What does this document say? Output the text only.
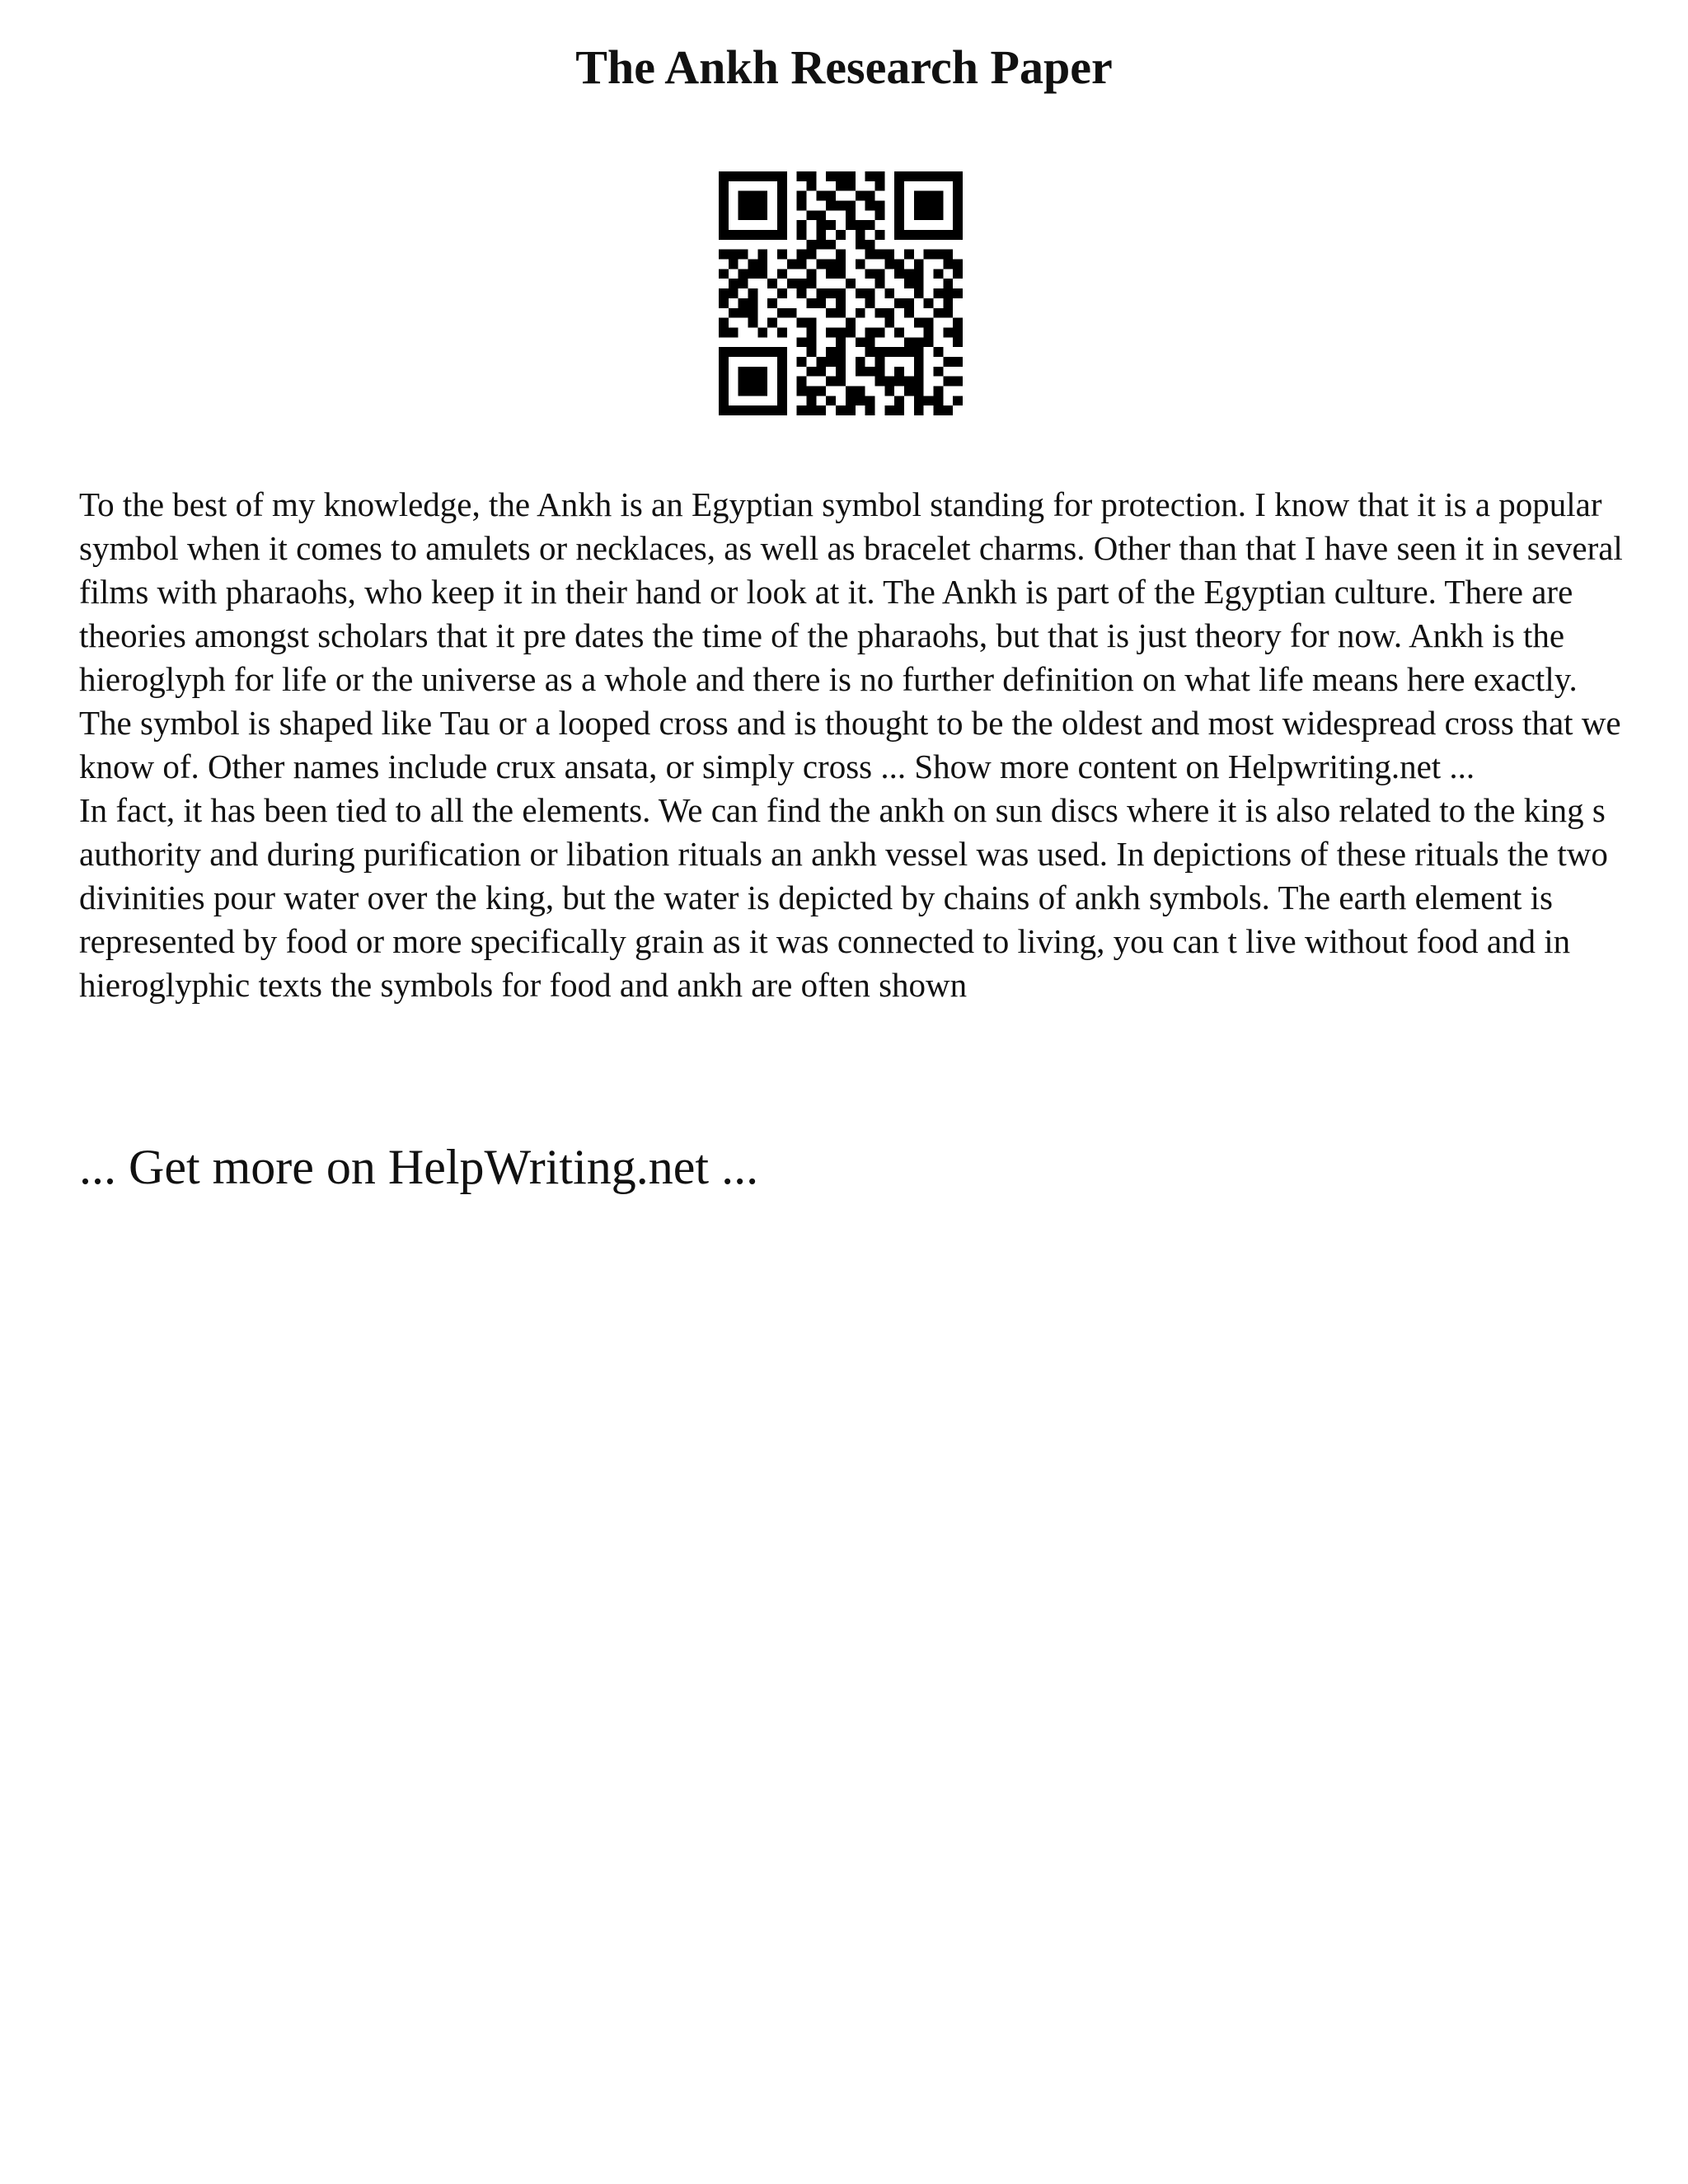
The Ankh Research Paper

To the best of my knowledge, the Ankh is an Egyptian symbol standing for protection. I know that it is a popular symbol when it comes to amulets or necklaces, as well as bracelet charms. Other than that I have seen it in several films with pharaohs, who keep it in their hand or look at it. The Ankh is part of the Egyptian culture. There are theories amongst scholars that it pre dates the time of the pharaohs, but that is just theory for now. Ankh is the hieroglyph for life or the universe as a whole and there is no further definition on what life means here exactly. The symbol is shaped like Tau or a looped cross and is thought to be the oldest and most widespread cross that we know of. Other names include crux ansata, or simply cross ... Show more content on Helpwriting.net ...

In fact, it has been tied to all the elements. We can find the ankh on sun discs where it is also related to the king s authority and during purification or libation rituals an ankh vessel was used. In depictions of these rituals the two divinities pour water over the king, but the water is depicted by chains of ankh symbols. The earth element is represented by food or more specifically grain as it was connected to living, you can t live without food and in hieroglyphic texts the symbols for food and ankh are often shown

... Get more on HelpWriting.net ...
